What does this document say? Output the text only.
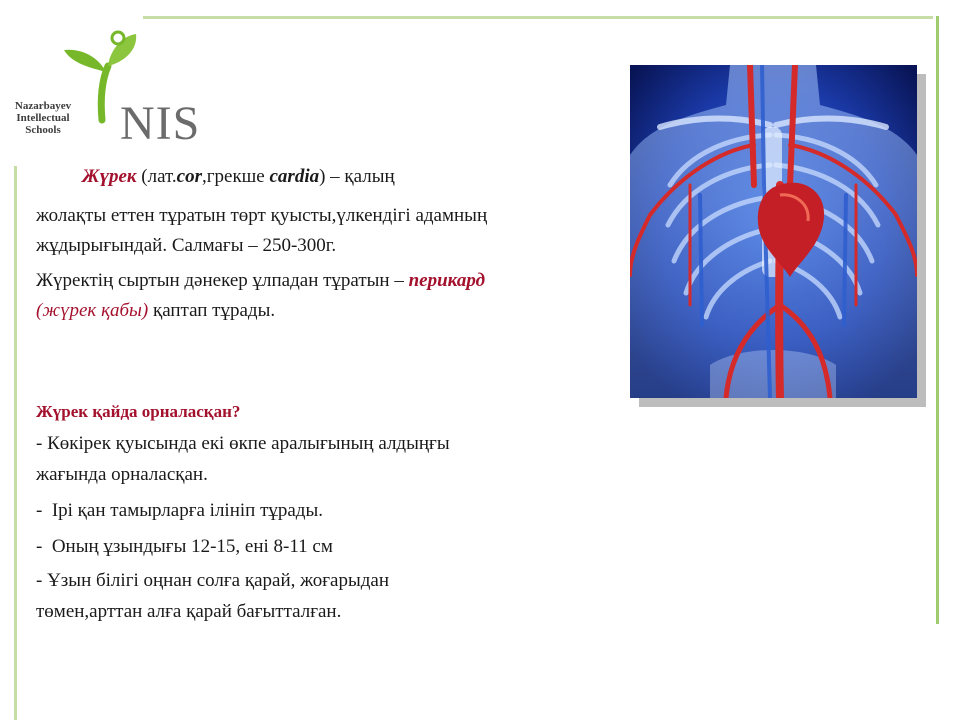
Nazarbayev
Intellectual
Schools	NIS
Жүрек (лат.cor,грекше cardia) – қалың
жолақты еттен тұратын төрт қуысты,үлкендігі адамның
жұдырығындай. Салмағы – 250-300г.
Жүректің сыртын дәнекер ұлпадан тұратын – перикард
(жүрек қабы) қаптап тұрады.
Жүрек қайда орналасқан?
- Көкірек қуысында екі өкпе аралығының алдыңғы
жағында орналасқан.
-  Ірі қан тамырларға ілініп тұрады.
-  Оның ұзындығы 12-15, ені 8-11 см
- Ұзын білігі оңнан солға қарай, жоғарыдан
төмен,арттан алға қарай бағытталған.
